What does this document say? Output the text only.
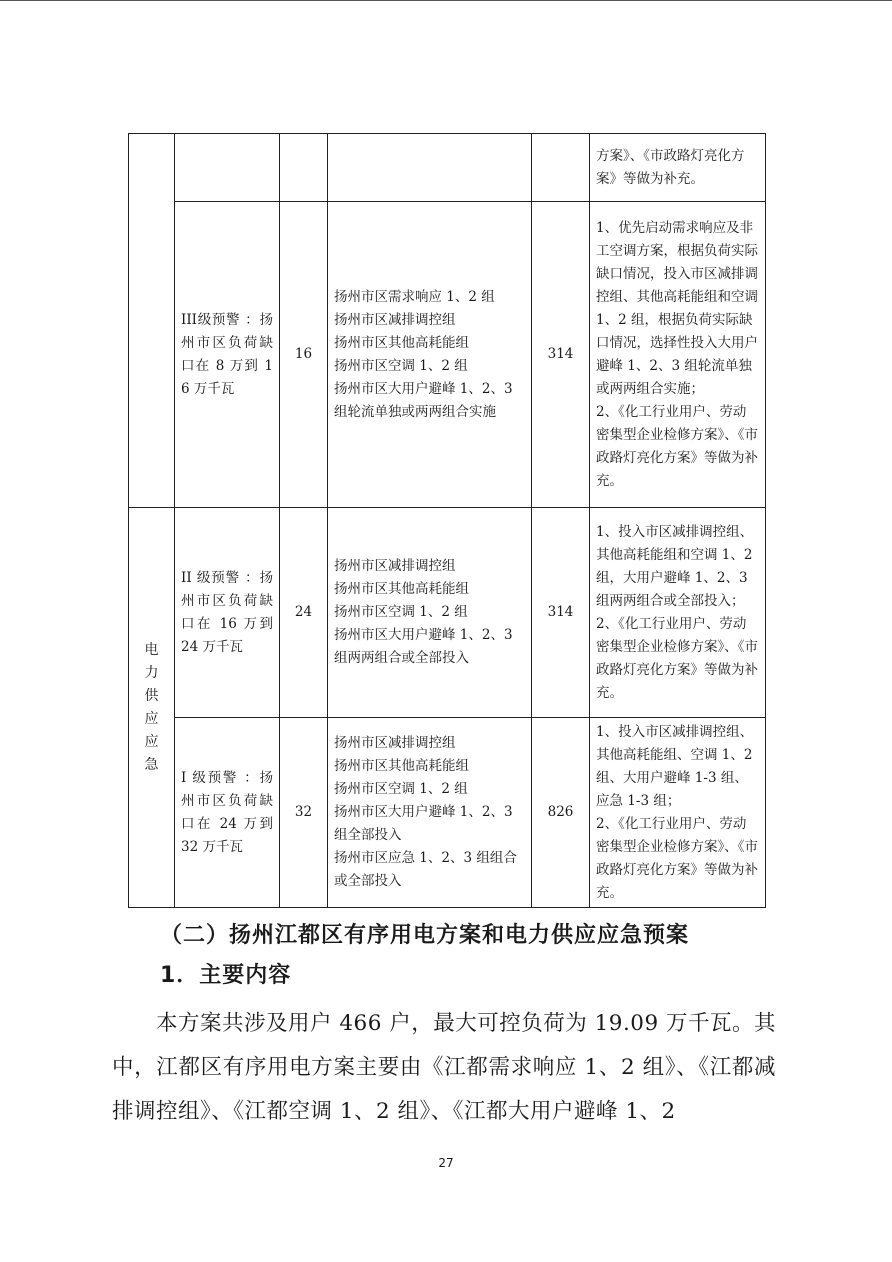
					方案》、《市政路灯亮化方案》等做为补充。
	III级预警 ：扬州市区负荷缺口在 8 万到 16 万千瓦	16	扬州市区需求响应 1、2 组
扬州市区减排调控组
扬州市区其他高耗能组
扬州市区空调 1、2 组
扬州市区大用户避峰 1、2、3 组轮流单独或两两组合实施	314	1、优先启动需求响应及非工空调方案，根据负荷实际缺口情况，投入市区减排调控组、其他高耗能组和空调 1、2 组，根据负荷实际缺口情况，选择性投入大用户避峰 1、2、3 组轮流单独或两两组合实施；
2、《化工行业用户、劳动密集型企业检修方案》、《市政路灯亮化方案》等做为补充。
电力供应应急	II 级预警 ：扬州市区负荷缺口在 16 万到 24 万千瓦	24	扬州市区减排调控组
扬州市区其他高耗能组
扬州市区空调 1、2 组
扬州市区大用户避峰 1、2、3 组两两组合或全部投入	314	1、投入市区减排调控组、其他高耗能组和空调 1、2 组，大用户避峰 1、2、3 组两两组合或全部投入；
2、《化工行业用户、劳动密集型企业检修方案》、《市政路灯亮化方案》等做为补充。
	I 级预警 ：扬州市区负荷缺口在 24 万到 32 万千瓦	32	扬州市区减排调控组
扬州市区其他高耗能组
扬州市区空调 1、2 组
扬州市区大用户避峰 1、2、3 组全部投入
扬州市区应急 1、2、3 组组合或全部投入	826	1、投入市区减排调控组、其他高耗能组、空调 1、2 组、大用户避峰 1-3 组、应急 1-3 组；
2、《化工行业用户、劳动密集型企业检修方案》、《市政路灯亮化方案》等做为补充。
（二）扬州江都区有序用电方案和电力供应应急预案
1．主要内容
本方案共涉及用户 466 户，最大可控负荷为 19.09 万千瓦。其中，江都区有序用电方案主要由《江都需求响应 1、2 组》、《江都减排调控组》、《江都空调 1、2 组》、《江都大用户避峰 1、2
27
